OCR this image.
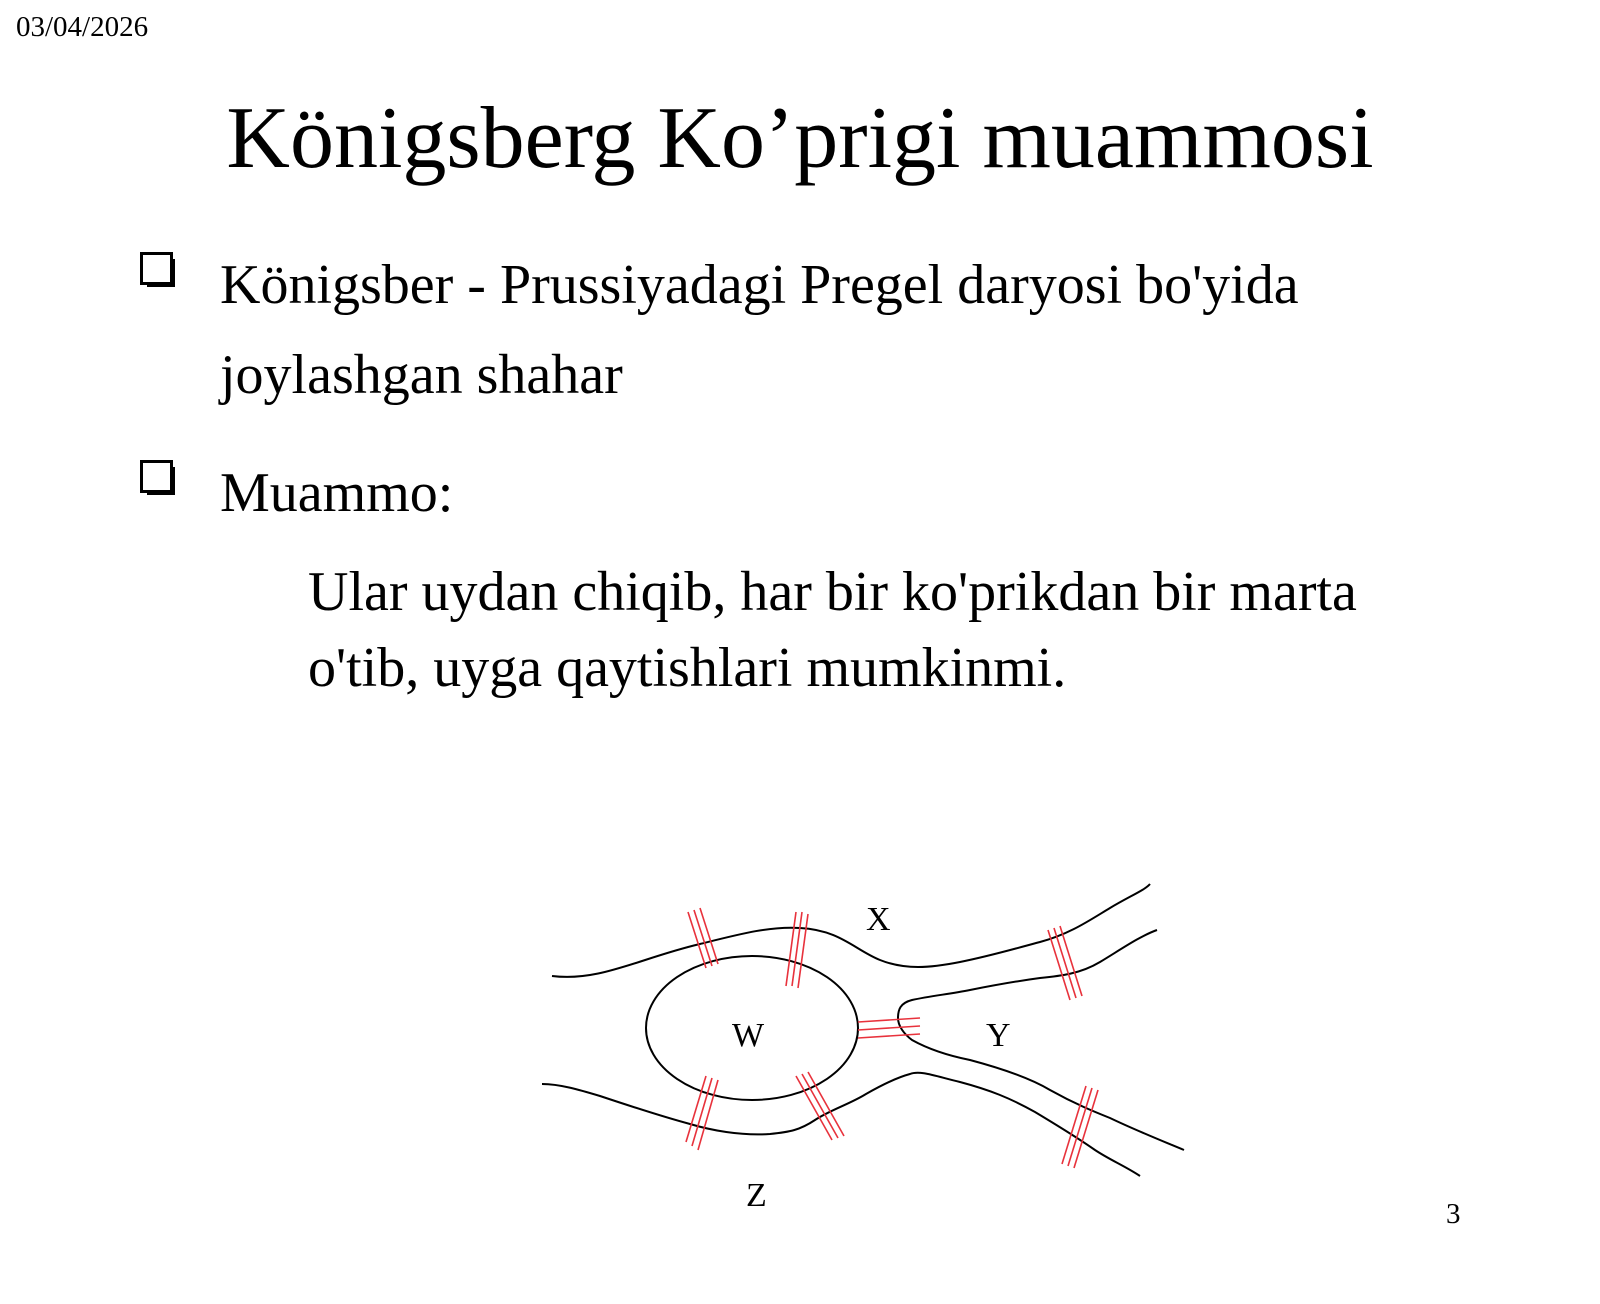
03/04/2026
Königsberg Ko’prigi muammosi
Königsber - Prussiyadagi Pregel daryosi bo'yida joylashgan shahar
Muammo:
Ular uydan chiqib, har bir ko'prikdan bir marta o'tib, uyga qaytishlari mumkinmi.
X
W	Y
Z	3
